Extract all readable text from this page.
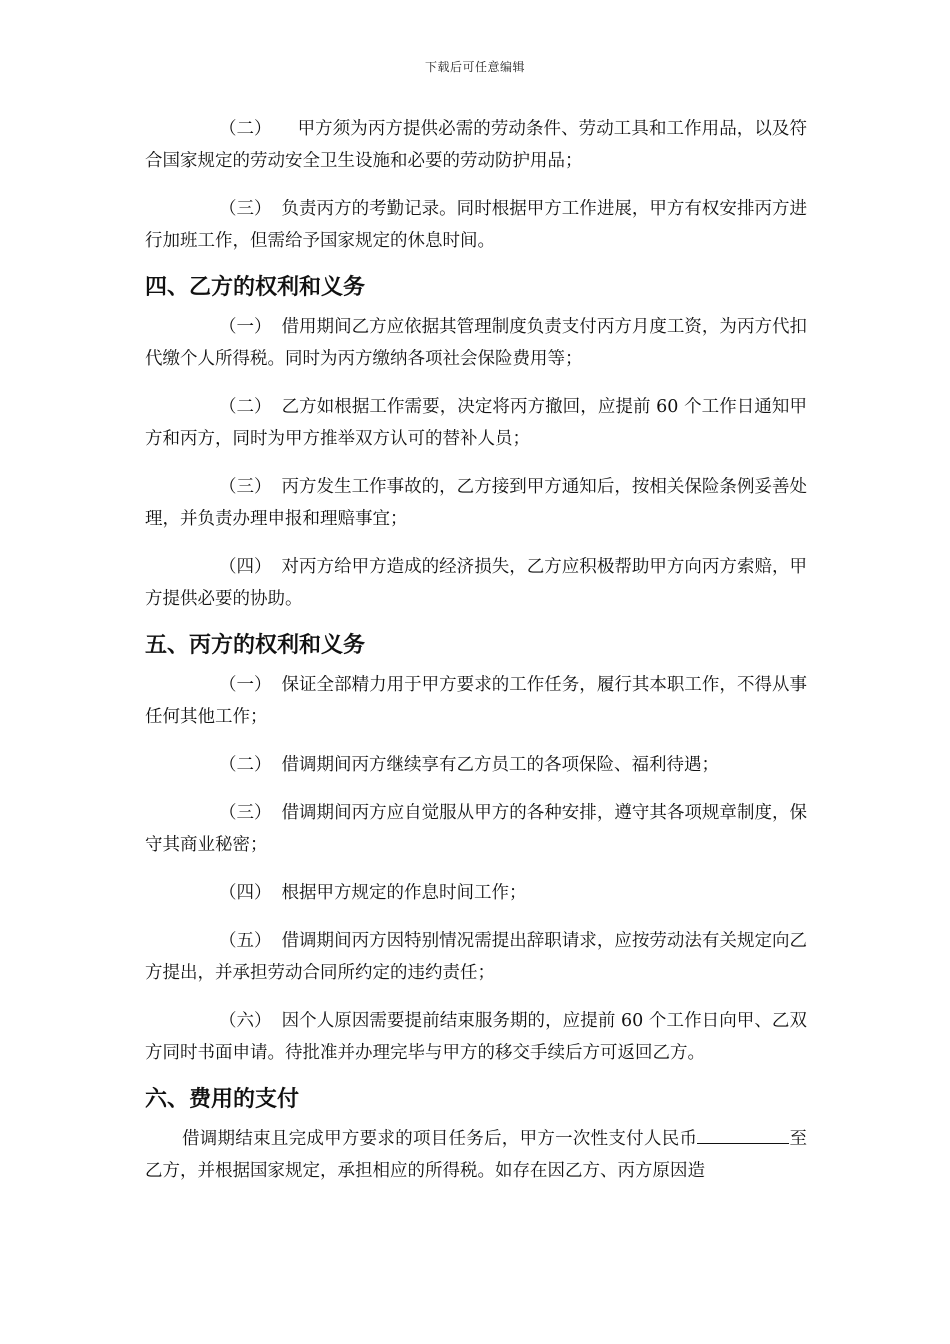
下载后可任意编辑

（二） 甲方须为丙方提供必需的劳动条件、劳动工具和工作用品，以及符合国家规定的劳动安全卫生设施和必要的劳动防护用品；

（三） 负责丙方的考勤记录。同时根据甲方工作进展，甲方有权安排丙方进行加班工作，但需给予国家规定的休息时间。

四、乙方的权利和义务

（一） 借用期间乙方应依据其管理制度负责支付丙方月度工资，为丙方代扣代缴个人所得税。同时为丙方缴纳各项社会保险费用等；

（二） 乙方如根据工作需要，决定将丙方撤回，应提前 60 个工作日通知甲方和丙方，同时为甲方推举双方认可的替补人员；

（三） 丙方发生工作事故的，乙方接到甲方通知后，按相关保险条例妥善处理，并负责办理申报和理赔事宜；

（四） 对丙方给甲方造成的经济损失，乙方应积极帮助甲方向丙方索赔，甲方提供必要的协助。

五、丙方的权利和义务

（一） 保证全部精力用于甲方要求的工作任务，履行其本职工作，不得从事任何其他工作；

（二） 借调期间丙方继续享有乙方员工的各项保险、福利待遇；

（三） 借调期间丙方应自觉服从甲方的各种安排，遵守其各项规章制度，保守其商业秘密；

（四） 根据甲方规定的作息时间工作；

（五） 借调期间丙方因特别情况需提出辞职请求，应按劳动法有关规定向乙方提出，并承担劳动合同所约定的违约责任；

（六） 因个人原因需要提前结束服务期的，应提前 60 个工作日向甲、乙双方同时书面申请。待批准并办理完毕与甲方的移交手续后方可返回乙方。

六、费用的支付

借调期结束且完成甲方要求的项目任务后，甲方一次性支付人民币	至乙方，并根据国家规定，承担相应的所得税。如存在因乙方、丙方原因造
